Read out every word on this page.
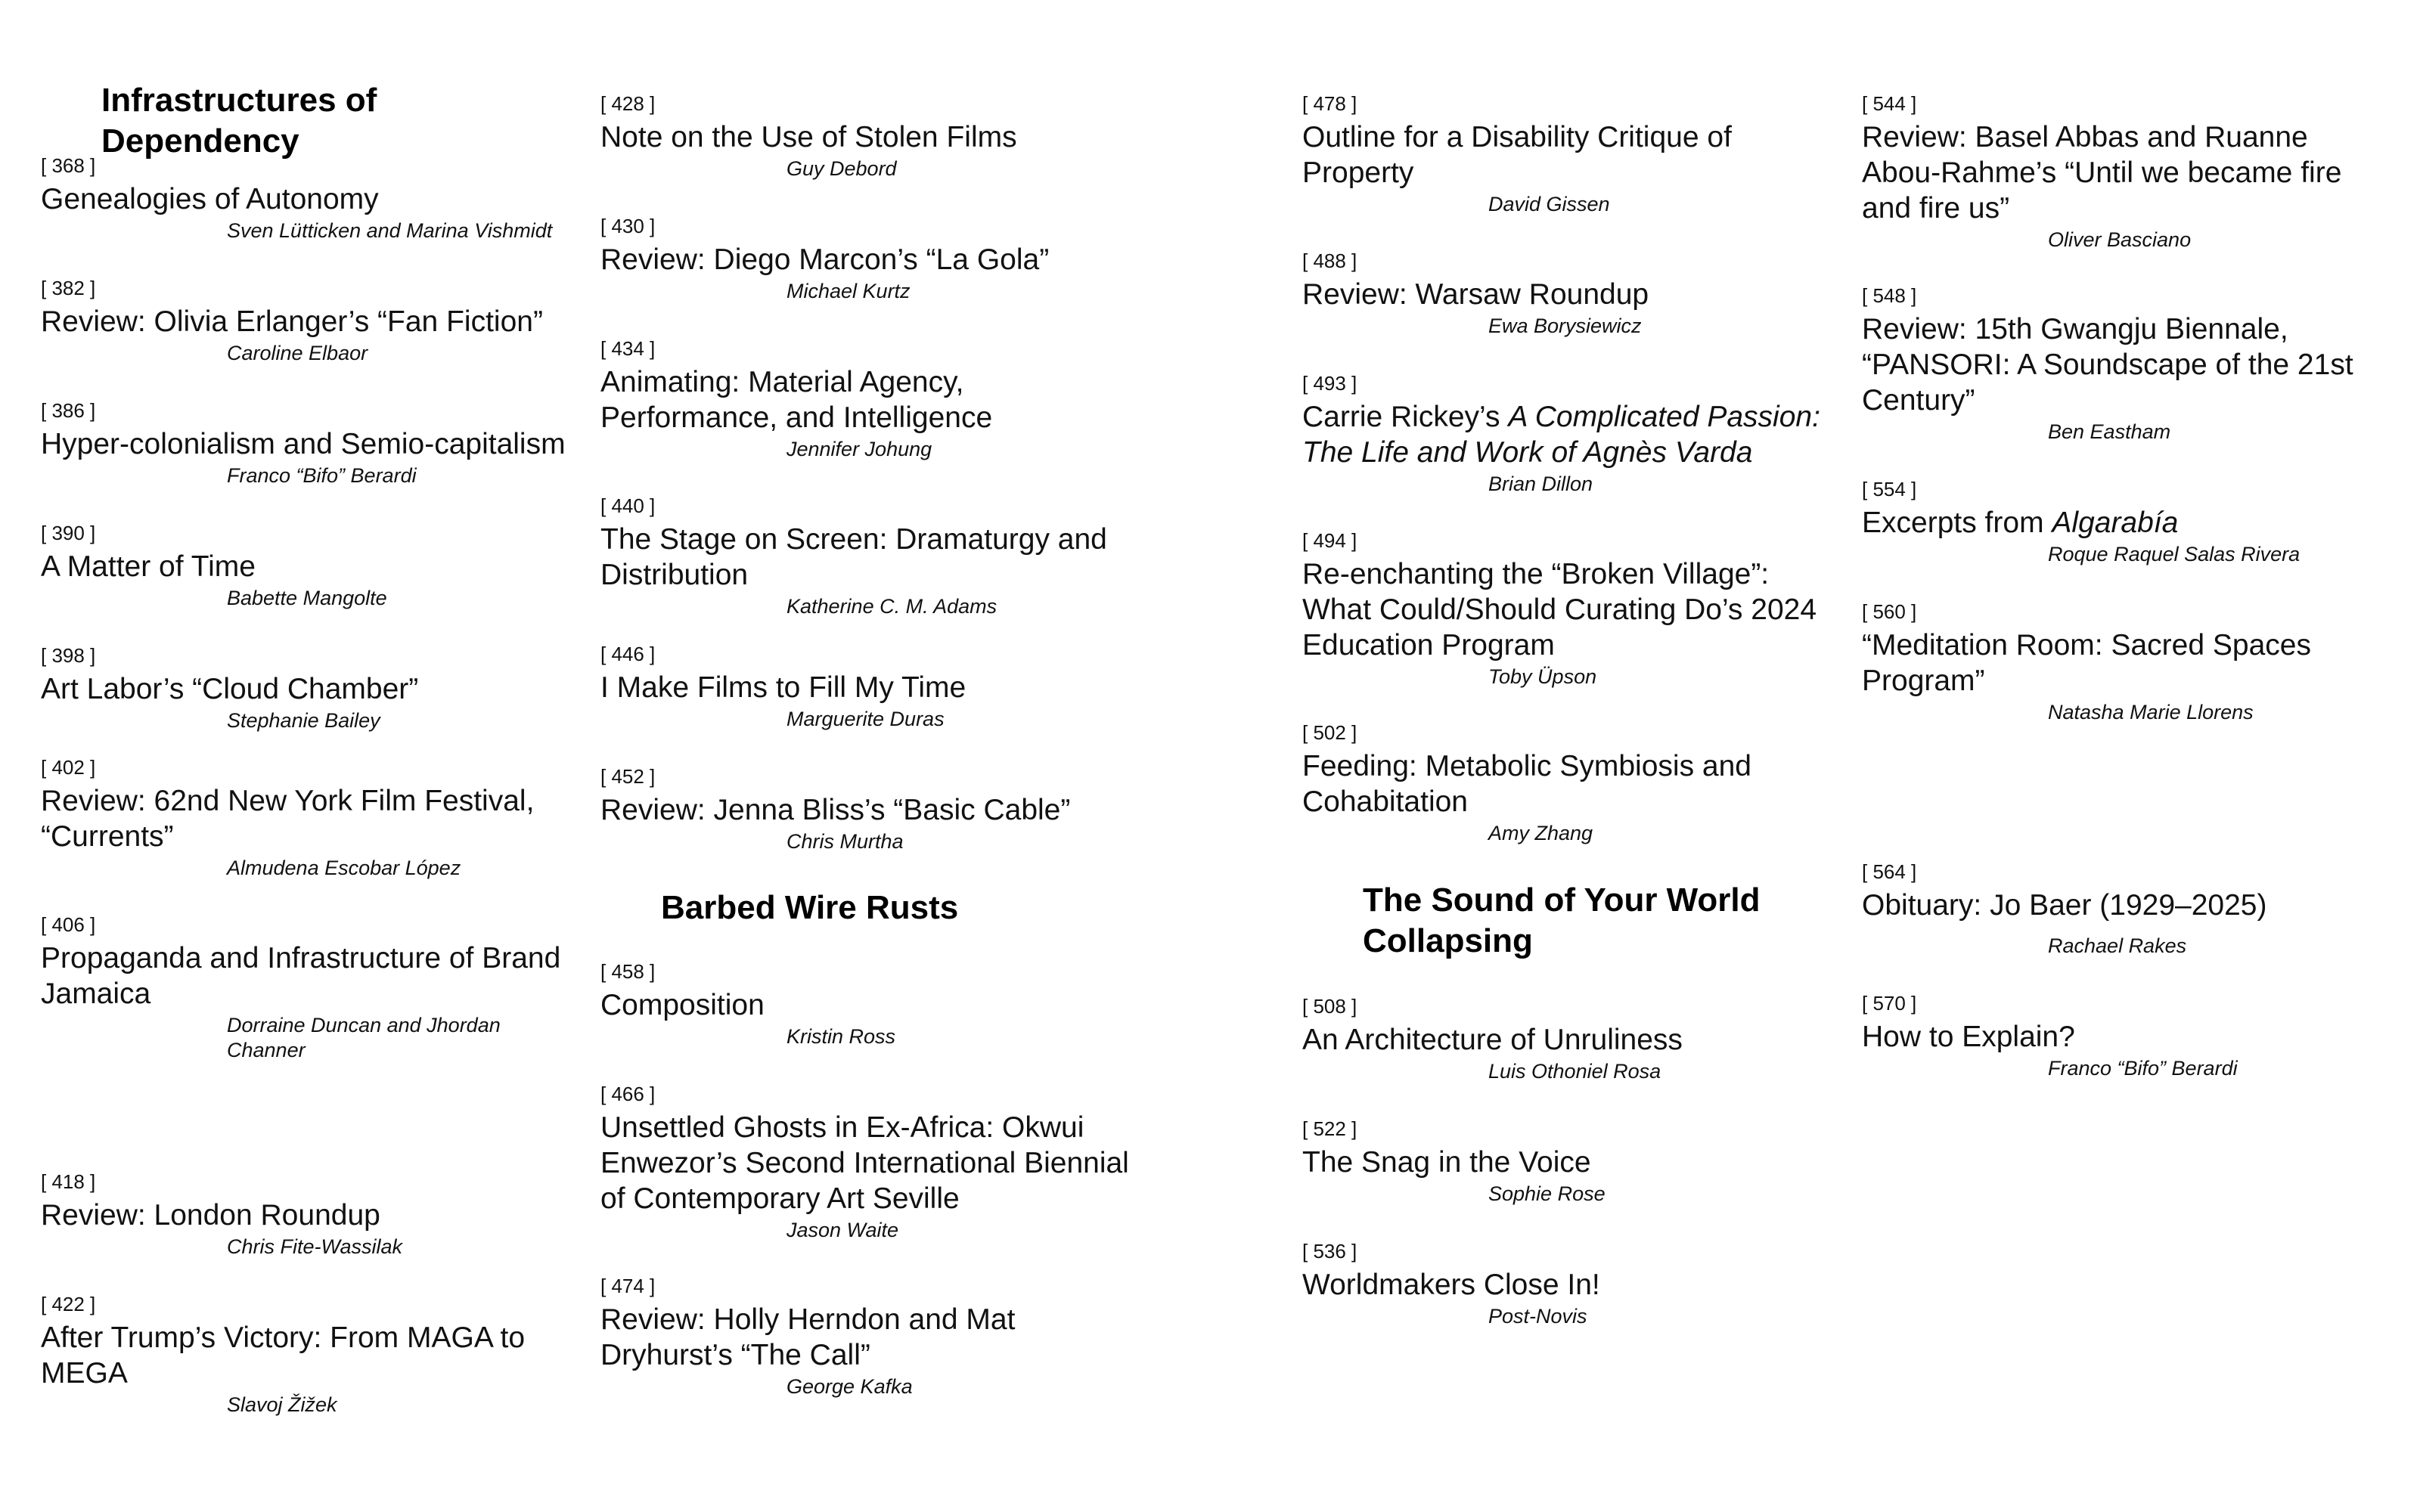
Infrastructures of Dependency
[ 368 ]
Genealogies of Autonomy
Sven Lütticken and Marina Vishmidt
[ 382 ]
Review: Olivia Erlanger’s “Fan Fiction”
Caroline Elbaor
[ 386 ]
Hyper-colonialism and Semio-capitalism
Franco “Bifo” Berardi
[ 390 ]
A Matter of Time
Babette Mangolte
[ 398 ]
Art Labor’s “Cloud Chamber”
Stephanie Bailey
[ 402 ]
Review: 62nd New York Film Festival, “Currents”
Almudena Escobar López
[ 406 ]
Propaganda and Infrastructure of Brand Jamaica
Dorraine Duncan and Jhordan Channer
[ 418 ]
Review: London Roundup
Chris Fite-Wassilak
[ 422 ]
After Trump’s Victory: From MAGA to MEGA
Slavoj Žižek
[ 428 ]
Note on the Use of Stolen Films
Guy Debord
[ 430 ]
Review: Diego Marcon’s “La Gola”
Michael Kurtz
[ 434 ]
Animating: Material Agency, Performance, and Intelligence
Jennifer Johung
[ 440 ]
The Stage on Screen: Dramaturgy and Distribution
Katherine C. M. Adams
[ 446 ]
I Make Films to Fill My Time
Marguerite Duras
[ 452 ]
Review: Jenna Bliss’s “Basic Cable”
Chris Murtha
Barbed Wire Rusts
[ 458 ]
Composition
Kristin Ross
[ 466 ]
Unsettled Ghosts in Ex-Africa: Okwui Enwezor’s Second International Biennial of Contemporary Art Seville
Jason Waite
[ 474 ]
Review: Holly Herndon and Mat Dryhurst’s “The Call”
George Kafka
[ 478 ]
Outline for a Disability Critique of Property
David Gissen
[ 488 ]
Review: Warsaw Roundup
Ewa Borysiewicz
[ 493 ]
Carrie Rickey’s A Complicated Passion: The Life and Work of Agnès Varda
Brian Dillon
[ 494 ]
Re-enchanting the “Broken Village”: What Could/Should Curating Do’s 2024 Education Program
Toby Üpson
[ 502 ]
Feeding: Metabolic Symbiosis and Cohabitation
Amy Zhang
The Sound of Your World
Collapsing
[ 508 ]
An Architecture of Unruliness
Luis Othoniel Rosa
[ 522 ]
The Snag in the Voice
Sophie Rose
[ 536 ]
Worldmakers Close In!
Post-Novis
[ 544 ]
Review: Basel Abbas and Ruanne Abou-Rahme’s “Until we became fire and fire us”
Oliver Basciano
[ 548 ]
Review: 15th Gwangju Biennale, “PANSORI: A Soundscape of the 21st Century”
Ben Eastham
[ 554 ]
Excerpts from Algarabía
Roque Raquel Salas Rivera
[ 560 ]
“Meditation Room: Sacred Spaces Program”
Natasha Marie Llorens
[ 564 ]
Obituary: Jo Baer (1929–2025)
Rachael Rakes
[ 570 ]
How to Explain?
Franco “Bifo” Berardi
